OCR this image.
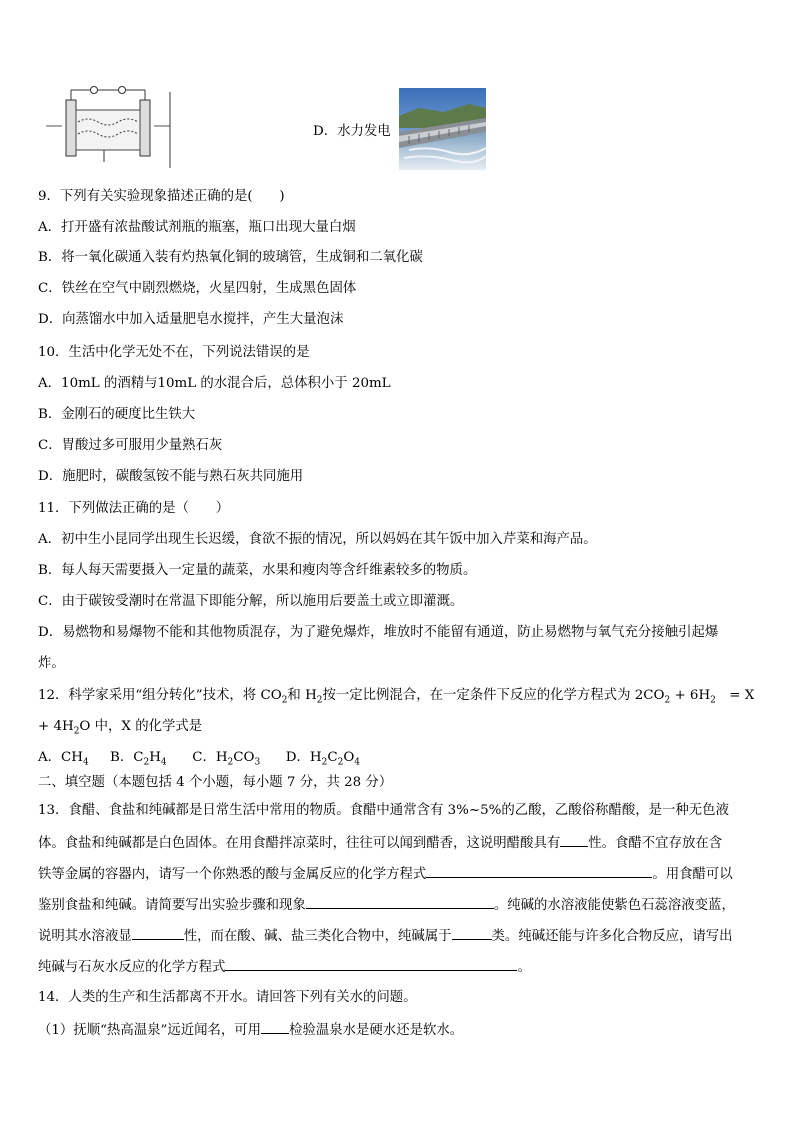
D．水力发电
9．下列有关实验现象描述正确的是(　　)
A．打开盛有浓盐酸试剂瓶的瓶塞，瓶口出现大量白烟
B．将一氧化碳通入装有灼热氧化铜的玻璃管，生成铜和二氧化碳
C．铁丝在空气中剧烈燃烧，火星四射，生成黑色固体
D．向蒸馏水中加入适量肥皂水搅拌，产生大量泡沫
10．生活中化学无处不在，下列说法错误的是
A．10mL 的酒精与10mL 的水混合后，总体积小于 20mL
B．金刚石的硬度比生铁大
C．胃酸过多可服用少量熟石灰
D．施肥时，碳酸氢铵不能与熟石灰共同施用
11．下列做法正确的是（　　）
A．初中生小昆同学出现生长迟缓，食欲不振的情况，所以妈妈在其午饭中加入芹菜和海产品。
B．每人每天需要摄入一定量的蔬菜，水果和瘦肉等含纤维素较多的物质。
C．由于碳铵受潮时在常温下即能分解，所以施用后要盖土或立即灌溉。
D．易燃物和易爆物不能和其他物质混存，为了避免爆炸，堆放时不能留有通道，防止易燃物与氧气充分接触引起爆
炸。
12．科学家采用“组分转化”技术，将 $CO_2$和 $H_2$按一定比例混合，在一定条件下反应的化学方程式为 $2CO_2 + 6H_2$　= X
+ $4H_2O$ 中，X 的化学式是
A．$CH_4$ B．$C_2H_4$ C．$H_2CO_3$ D．$H_2C_2O_4$
二、填空题（本题包括 4 个小题，每小题 7 分，共 28 分）
13．食醋、食盐和纯碱都是日常生活中常用的物质。食醋中通常含有 3%~5%的乙酸，乙酸俗称醋酸，是一种无色液
体。食盐和纯碱都是白色固体。在用食醋拌凉菜时，往往可以闻到醋香，这说明醋酸具有 性。食醋不宜存放在含
铁等金属的容器内，请写一个你熟悉的酸与金属反应的化学方程式	。用食醋可以
鉴别食盐和纯碱。请简要写出实验步骤和现象	。纯碱的水溶液能使紫色石蕊溶液变蓝，
说明其水溶液显	性，而在酸、碱、盐三类化合物中，纯碱属于	类。纯碱还能与许多化合物反应，请写出
纯碱与石灰水反应的化学方程式	。
14．人类的生产和生活都离不开水。请回答下列有关水的问题。
（1）抚顺“热高温泉”远近闻名，可用 检验温泉水是硬水还是软水。
